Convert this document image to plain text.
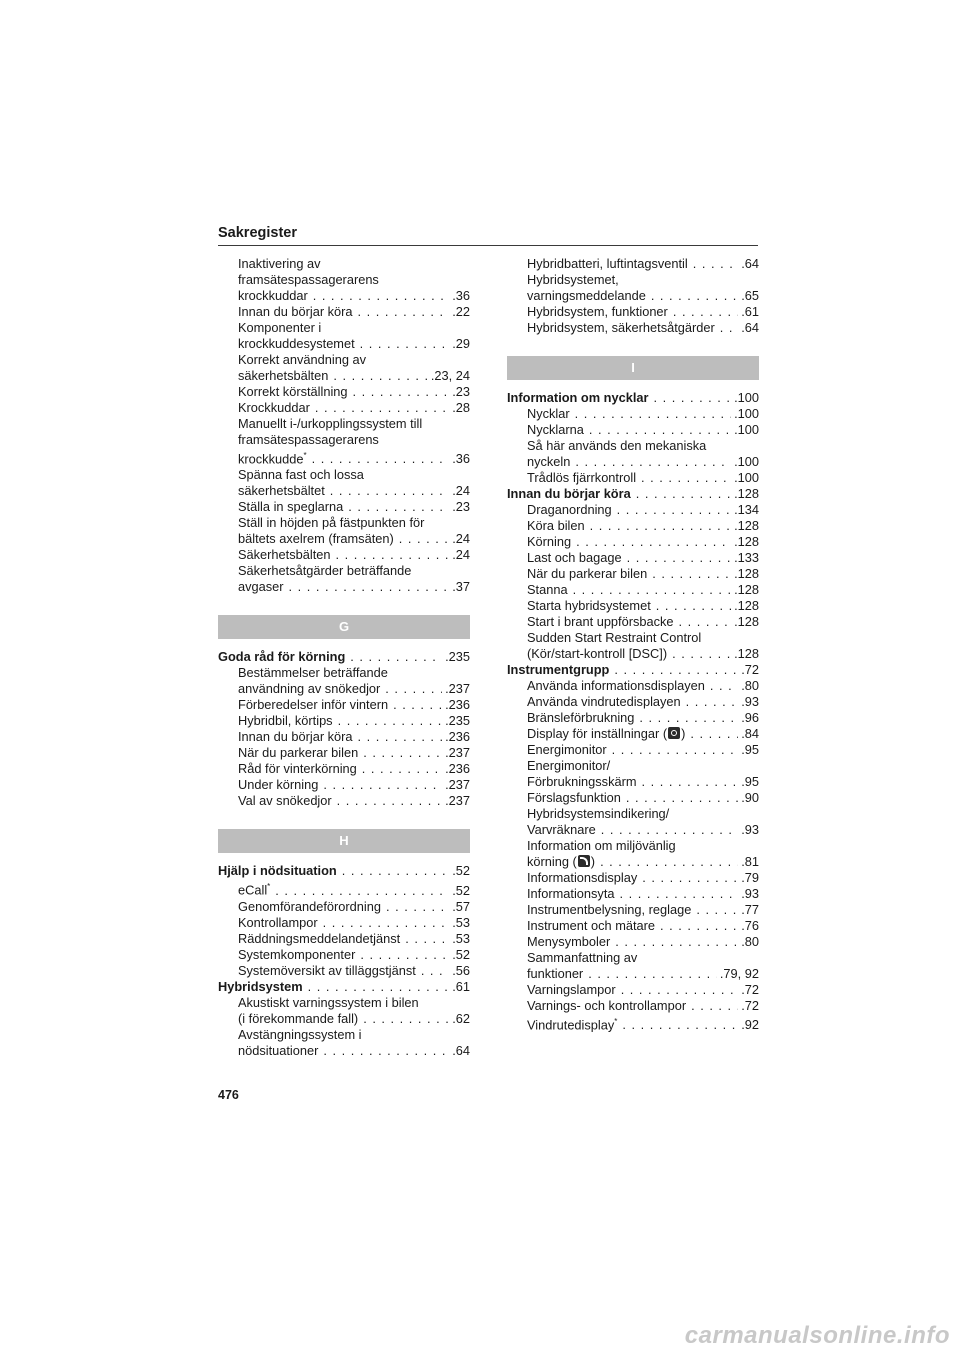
Sakregister
Inaktivering av
framsätespassagerarens
krockkuddar . . .	.36
Innan du börjar köra . . .	.22
Komponenter i
krockkuddesystemet . . .	.29
Korrekt användning av
säkerhetsbälten . . .	.23, 24
Korrekt körställning . . .	.23
Krockkuddar . . .	.28
Manuellt i-/urkopplingssystem till
framsätespassagerarens
krockkudde* . . .	.36
Spänna fast och lossa
säkerhetsbältet . . .	.24
Ställa in speglarna . . .	.23
Ställ in höjden på fästpunkten för
bältets axelrem (framsäten) . . .	.24
Säkerhetsbälten . . .	.24
Säkerhetsåtgärder beträffande
avgaser . . .	.37
G
Goda råd för körning . . .	.235
Bestämmelser beträffande
användning av snökedjor . . .	.237
Förberedelser inför vintern . . .	.236
Hybridbil, körtips . . .	.235
Innan du börjar köra . . .	.236
När du parkerar bilen . . .	.237
Råd för vinterkörning . . .	.236
Under körning . . .	.237
Val av snökedjor . . .	.237
H
Hjälp i nödsituation . . .	.52
eCall* . . .	.52
Genomförandeförordning . . .	.57
Kontrollampor . . .	.53
Räddningsmeddelandetjänst . . .	.53
Systemkomponenter . . .	.52
Systemöversikt av tilläggstjänst . . .	.56
Hybridsystem . . .	.61
Akustiskt varningssystem i bilen
(i förekommande fall) . . .	.62
Avstängningssystem i
nödsituationer . . .	.64
Hybridbatteri, luftintagsventil . . .	.64
Hybridsystemet,
varningsmeddelande . . .	.65
Hybridsystem, funktioner . . .	.61
Hybridsystem, säkerhetsåtgärder . . . .64
I
Information om nycklar . . .	.100
Nycklar . . .	.100
Nycklarna . . .	.100
Så här används den mekaniska
nyckeln . . .	.100
Trådlös fjärrkontroll . . .	.100
Innan du börjar köra . . .	.128
Draganordning . . .	.134
Köra bilen . . .	.128
Körning . . .	.128
Last och bagage . . .	.133
När du parkerar bilen . . .	.128
Stanna . . .	.128
Starta hybridsystemet . . .	.128
Start i brant uppförsbacke . . .	.128
Sudden Start Restraint Control
(Kör/start-kontroll [DSC]) . . .	.128
Instrumentgrupp . . .	.72
Använda informationsdisplayen . . .	.80
Använda vindrutedisplayen . . .	.93
Bränsleförbrukning . . .	.96
Display för inställningar ( ) . . .	.84
Energimonitor . . .	.95
Energimonitor/
Förbrukningsskärm . . .	.95
Förslagsfunktion . . .	.90
Hybridsystemsindikering/
Varvräknare . . .	.93
Information om miljövänlig
körning ( ) . . .	.81
Informationsdisplay . . .	.79
Informationsyta . . .	.93
Instrumentbelysning, reglage . . .	.77
Instrument och mätare . . .	.76
Menysymboler . . .	.80
Sammanfattning av
funktioner . . .	.79, 92
Varningslampor . . .	.72
Varnings- och kontrollampor . . .	.72
Vindrutedisplay* . . .	.92
476
carmanualsonline.info
